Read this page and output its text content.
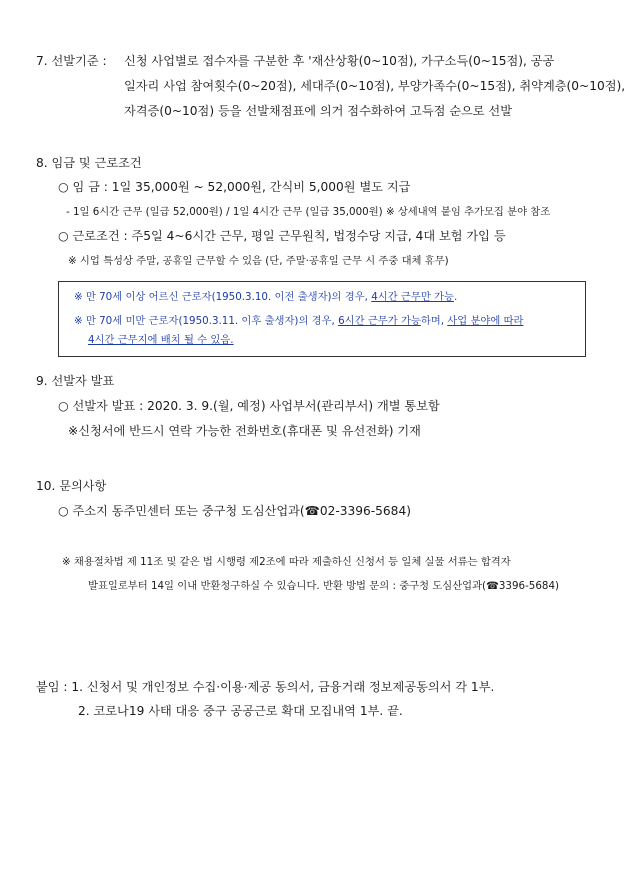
7. 선발기준 : 신청 사업별로 접수자를 구분한 후 '재산상황(0~10점), 가구소득(0~15점), 공공
일자리 사업 참여횟수(0~20점), 세대주(0~10점), 부양가족수(0~15점), 취약계층(0~10점),
자격증(0~10점) 등을 선발채점표에 의거 점수화하여 고득점 순으로 선발
8. 임금 및 근로조건
○ 임 금 : 1일 35,000원 ~ 52,000원, 간식비 5,000원 별도 지급
- 1일 6시간 근무 (일급 52,000원) / 1일 4시간 근무 (일급 35,000원) ※ 상세내역 붙임 추가모집 분야 참조
○ 근로조건 : 주5일 4~6시간 근무, 평일 근무원칙, 법정수당 지급, 4대 보험 가입 등
※ 시업 특성상 주말, 공휴일 근무할 수 있음 (단, 주말·공휴일 근무 시 주중 대체 휴무)
※ 만 70세 이상 어르신 근로자(1950.3.10. 이전 출생자)의 경우, 4시간 근무만 가능.
※ 만 70세 미만 근로자(1950.3.11. 이후 출생자)의 경우, 6시간 근무가 가능하며, 사업 분야에 따라
4시간 근무지에 배치 될 수 있음.
9. 선발자 발표
○ 선발자 발표 : 2020. 3. 9.(월, 예정) 사업부서(관리부서) 개별 통보함
※신청서에 반드시 연락 가능한 전화번호(휴대폰 및 유선전화) 기재
10. 문의사항
○ 주소지 동주민센터 또는 중구청 도심산업과(☎02-3396-5684)
※ 채용절차법 제 11조 및 같은 법 시행령 제2조에 따라 제출하신 신청서 등 일체 실물 서류는 합격자
발표일로부터 14일 이내 반환청구하실 수 있습니다. 반환 방법 문의 : 중구청 도심산업과(☎3396-5684)
붙임 : 1. 신청서 및 개인정보 수집·이용·제공 동의서, 금융거래 정보제공동의서 각 1부.
2. 코로나19 사태 대응 중구 공공근로 확대 모집내역 1부. 끝.
